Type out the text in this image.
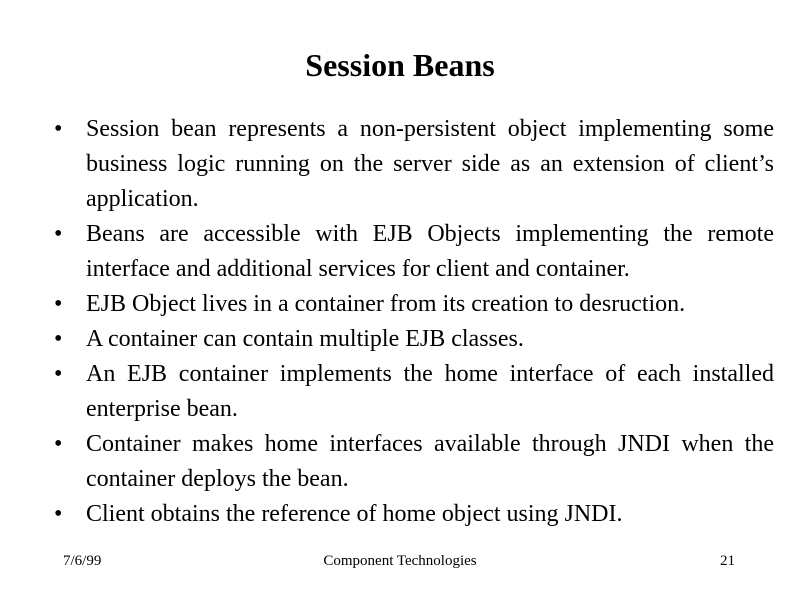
Session Beans
• Session bean represents a non-persistent object implementing some business logic running on the server side as an extension of client’s application.
• Beans are accessible with EJB Objects implementing the remote interface and additional services for client and container.
• EJB Object lives in a container from its creation to desruction.
• A container can contain multiple EJB classes.
• An EJB container implements the home interface of each installed enterprise bean.
• Container makes home interfaces available through JNDI when the container deploys the bean.
• Client obtains the reference of home object using JNDI.
7/6/99	Component Technologies	21
